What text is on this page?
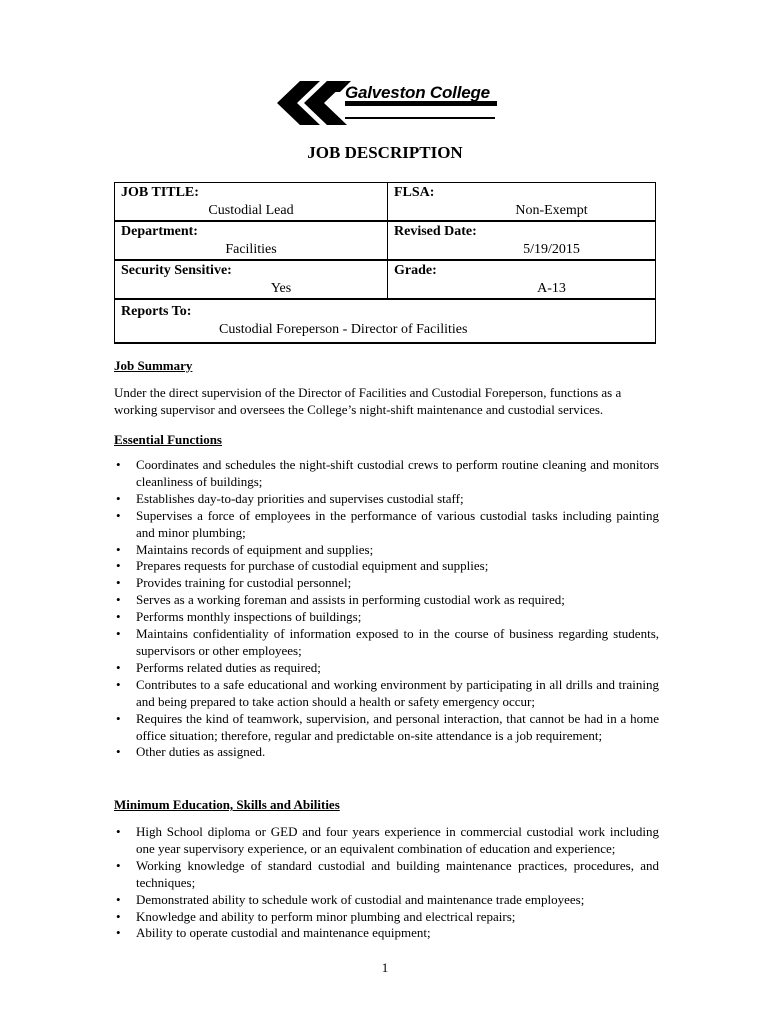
Galveston College
JOB DESCRIPTION
JOB TITLE:
Custodial Lead	FLSA:
Non-Exempt

Department:
Facilities	Revised Date:
5/19/2015

Security Sensitive:
Yes	Grade:
A-13

Reports To:
Custodial Foreperson - Director of Facilities	
Job Summary
Under the direct supervision of the Director of Facilities and Custodial Foreperson, functions as a working supervisor and oversees the College’s night-shift maintenance and custodial services.
Essential Functions
• Coordinates and schedules the night-shift custodial crews to perform routine cleaning and monitors cleanliness of buildings;
• Establishes day-to-day priorities and supervises custodial staff;
• Supervises a force of employees in the performance of various custodial tasks including painting and minor plumbing;
• Maintains records of equipment and supplies;
• Prepares requests for purchase of custodial equipment and supplies;
• Provides training for custodial personnel;
• Serves as a working foreman and assists in performing custodial work as required;
• Performs monthly inspections of buildings;
• Maintains confidentiality of information exposed to in the course of business regarding students, supervisors or other employees;
• Performs related duties as required;
• Contributes to a safe educational and working environment by participating in all drills and training and being prepared to take action should a health or safety emergency occur;
• Requires the kind of teamwork, supervision, and personal interaction, that cannot be had in a home office situation; therefore, regular and predictable on-site attendance is a job requirement;
• Other duties as assigned.
Minimum Education, Skills and Abilities
• High School diploma or GED and four years experience in commercial custodial work including one year supervisory experience, or an equivalent combination of education and experience;
• Working knowledge of standard custodial and building maintenance practices, procedures, and techniques;
• Demonstrated ability to schedule work of custodial and maintenance trade employees;
• Knowledge and ability to perform minor plumbing and electrical repairs;
• Ability to operate custodial and maintenance equipment;
1
